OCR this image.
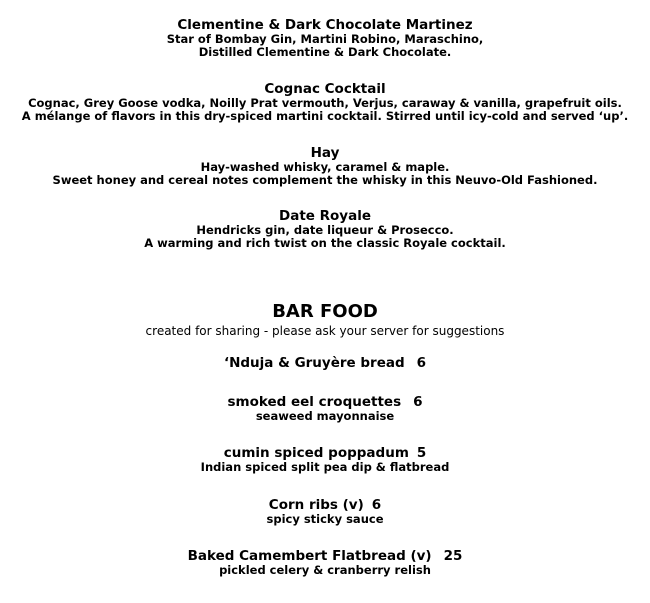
Clementine & Dark Chocolate Martinez
Star of Bombay Gin, Martini Robino, Maraschino,
Distilled Clementine & Dark Chocolate.
Cognac Cocktail
Cognac, Grey Goose vodka, Noilly Prat vermouth, Verjus, caraway & vanilla, grapefruit oils.
A mélange of flavors in this dry-spiced martini cocktail. Stirred until icy-cold and served ‘up’.
Hay
Hay-washed whisky, caramel & maple.
Sweet honey and cereal notes complement the whisky in this Neuvo-Old Fashioned.
Date Royale
Hendricks gin, date liqueur & Prosecco.
A warming and rich twist on the classic Royale cocktail.
BAR FOOD
created for sharing - please ask your server for suggestions
‘Nduja & Gruyère bread 6
smoked eel croquettes 6
seaweed mayonnaise
cumin spiced poppadum 5
Indian spiced split pea dip & flatbread
Corn ribs (v) 6
spicy sticky sauce
Baked Camembert Flatbread (v) 25
pickled celery & cranberry relish
